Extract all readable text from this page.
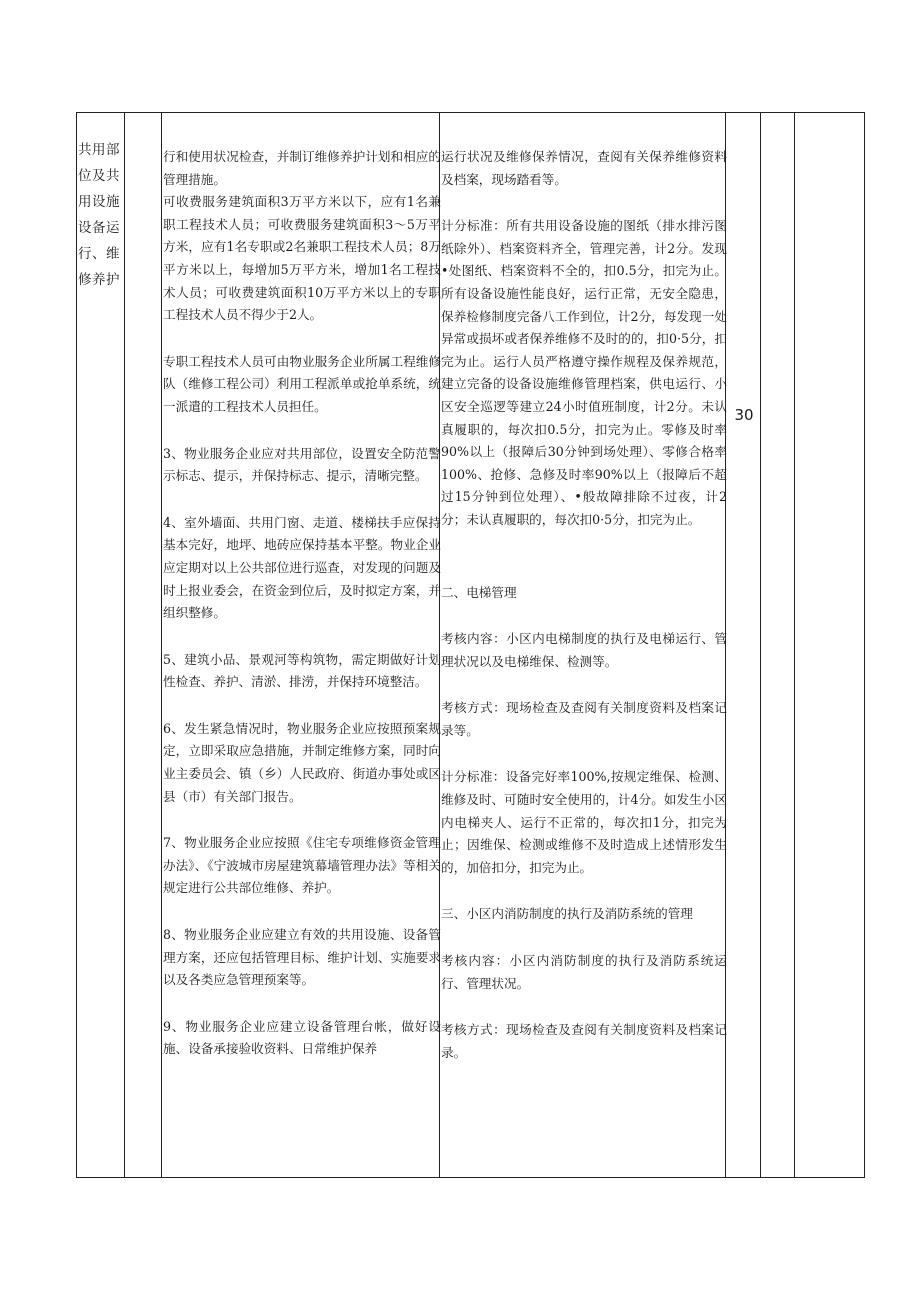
共用部位及共用设施设备运行、维修养护

行和使用状况检查，并制订维修养护计划和相应的管理措施。
可收费服务建筑面积3万平方米以下，应有1名兼职工程技术人员；可收费服务建筑面积3～5万平方米，应有1名专职或2名兼职工程技术人员；8万平方米以上，每增加5万平方米，增加1名工程技术人员；可收费建筑面积10万平方米以上的专职工程技术人员不得少于2人。

专职工程技术人员可由物业服务企业所属工程维修队（维修工程公司）利用工程派单或抢单系统，统一派遣的工程技术人员担任。

3、物业服务企业应对共用部位，设置安全防范警示标志、提示，并保持标志、提示，清晰完整。

4、室外墙面、共用门窗、走道、楼梯扶手应保持基本完好，地坪、地砖应保持基本平整。物业企业应定期对以上公共部位进行巡查，对发现的问题及时上报业委会，在资金到位后，及时拟定方案，并组织整修。

5、建筑小品、景观河等构筑物，需定期做好计划性检查、养护、清淤、排涝，并保持环境整洁。

6、发生紧急情况时，物业服务企业应按照预案规定，立即采取应急措施，并制定维修方案，同时向业主委员会、镇（乡）人民政府、街道办事处或区县（市）有关部门报告。

7、物业服务企业应按照《住宅专项维修资金管理办法》、《宁波城市房屋建筑幕墙管理办法》等相关规定进行公共部位维修、养护。

8、物业服务企业应建立有效的共用设施、设备管理方案，还应包括管理目标、维护计划、实施要求以及各类应急管理预案等。

9、物业服务企业应建立设备管理台帐，做好设施、设备承接验收资料、日常维护保养

运行状况及维修保养情况，查阅有关保养维修资料及档案，现场踏看等。

计分标准：所有共用设备设施的图纸（排水排污图纸除外）、档案资料齐全，管理完善，计2分。发现•处图纸、档案资料不全的，扣0.5分，扣完为止。所有设备设施性能良好，运行正常，无安全隐患，保养检修制度完备八工作到位，计2分，每发现一处异常或损坏或者保养维修不及时的的，扣0·5分，扣完为止。运行人员严格遵守操作规程及保养规范，建立完备的设备设施维修管理档案，供电运行、小区安全巡逻等建立24小时值班制度，计2分。未认真履职的，每次扣0.5分，扣完为止。零修及时率90%以上（报障后30分钟到场处理）、零修合格率100%、抢修、急修及时率90%以上（报障后不超过15分钟到位处理）、•般故障排除不过夜，计2分；未认真履职的，每次扣0·5分，扣完为止。

二、电梯管理

考核内容：小区内电梯制度的执行及电梯运行、管理状况以及电梯维保、检测等。

考核方式：现场检查及查阅有关制度资料及档案记录等。

计分标准：设备完好率100%,按规定维保、检测、维修及时、可随时安全使用的，计4分。如发生小区内电梯夹人、运行不正常的，每次扣1分，扣完为止；因维保、检测或维修不及时造成上述情形发生的，加倍扣分，扣完为止。

三、小区内消防制度的执行及消防系统的管理

考核内容：小区内消防制度的执行及消防系统运行、管理状况。

考核方式：现场检查及查阅有关制度资料及档案记录。

30
